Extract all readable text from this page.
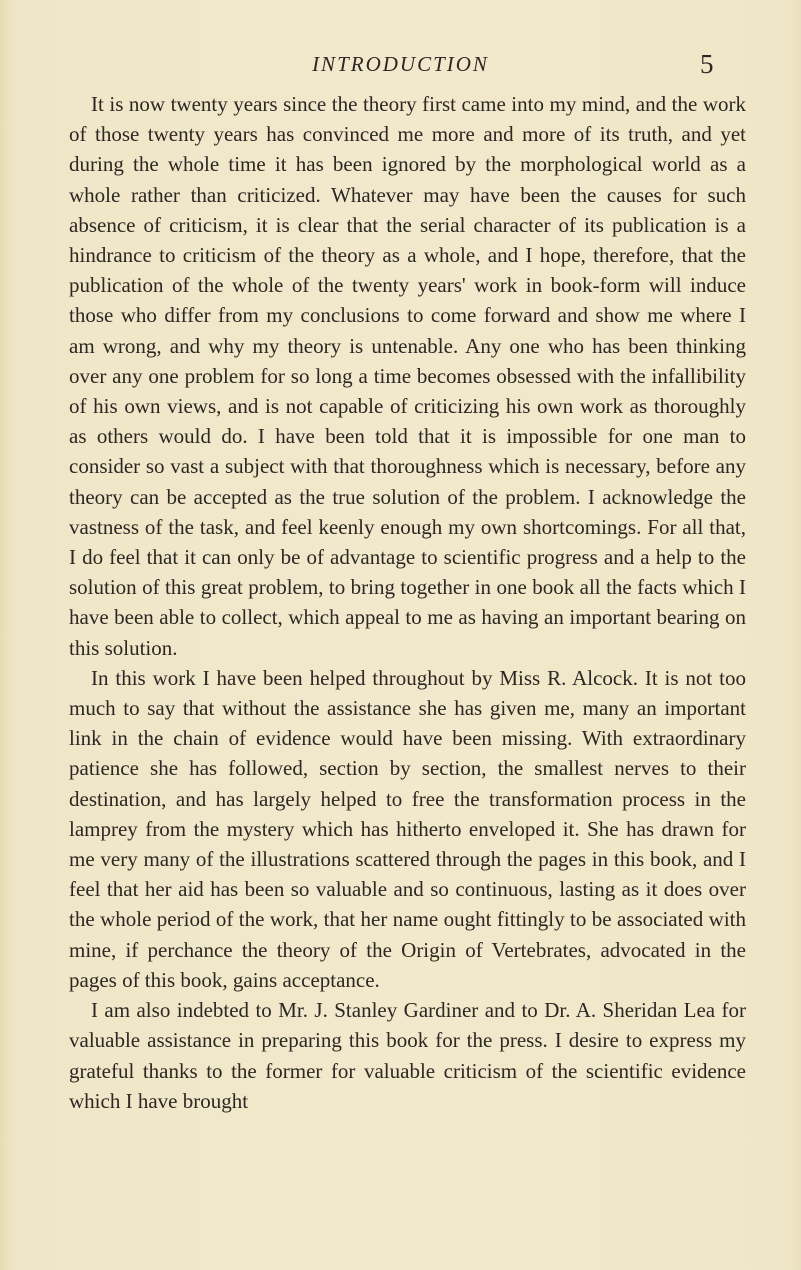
INTRODUCTION	5

It is now twenty years since the theory first came into my mind, and the work of those twenty years has convinced me more and more of its truth, and yet during the whole time it has been ignored by the morphological world as a whole rather than criticized. Whatever may have been the causes for such absence of criticism, it is clear that the serial character of its publication is a hindrance to criticism of the theory as a whole, and I hope, therefore, that the publication of the whole of the twenty years' work in book-form will induce those who differ from my conclusions to come forward and show me where I am wrong, and why my theory is untenable. Any one who has been thinking over any one problem for so long a time becomes obsessed with the infallibility of his own views, and is not capable of criticizing his own work as thoroughly as others would do. I have been told that it is impossible for one man to consider so vast a subject with that thoroughness which is necessary, before any theory can be accepted as the true solution of the problem. I acknowledge the vastness of the task, and feel keenly enough my own shortcomings. For all that, I do feel that it can only be of advantage to scientific progress and a help to the solution of this great problem, to bring together in one book all the facts which I have been able to collect, which appeal to me as having an important bearing on this solution.

In this work I have been helped throughout by Miss R. Alcock. It is not too much to say that without the assistance she has given me, many an important link in the chain of evidence would have been missing. With extraordinary patience she has followed, section by section, the smallest nerves to their destination, and has largely helped to free the transformation process in the lamprey from the mystery which has hitherto enveloped it. She has drawn for me very many of the illustrations scattered through the pages in this book, and I feel that her aid has been so valuable and so continuous, lasting as it does over the whole period of the work, that her name ought fittingly to be associated with mine, if perchance the theory of the Origin of Vertebrates, advocated in the pages of this book, gains acceptance.

I am also indebted to Mr. J. Stanley Gardiner and to Dr. A. Sheridan Lea for valuable assistance in preparing this book for the press. I desire to express my grateful thanks to the former for valuable criticism of the scientific evidence which I have brought
